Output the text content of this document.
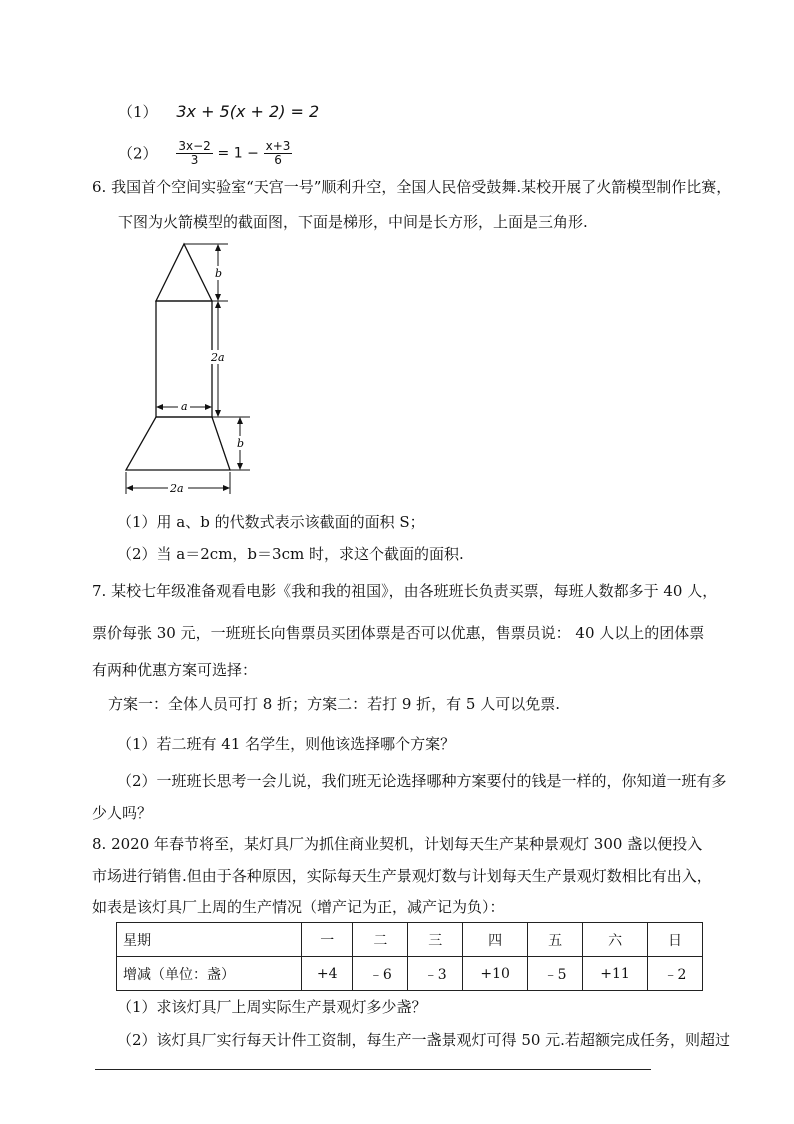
（1） 3x + 5(x + 2) = 2
$(2) \frac{3x-2}{3} = 1 - \frac{x+3}{6}$
6. 我国首个空间实验室“天宫一号”顺利升空，全国人民倍受鼓舞.某校开展了火箭模型制作比赛，
下图为火箭模型的截面图，下面是梯形，中间是长方形，上面是三角形.
b
2a
a
b
2a
（1）用 a、b 的代数式表示该截面的面积 S；
（2）当 a＝2cm，b＝3cm 时，求这个截面的面积.
7. 某校七年级准备观看电影《我和我的祖国》，由各班班长负责买票，每班人数都多于 40 人，
票价每张 30 元，一班班长向售票员买团体票是否可以优惠，售票员说： 40 人以上的团体票
有两种优惠方案可选择：
方案一：全体人员可打 8 折；方案二：若打 9 折，有 5 人可以免票.
（1）若二班有 41 名学生，则他该选择哪个方案？
（2）一班班长思考一会儿说，我们班无论选择哪种方案要付的钱是一样的，你知道一班有多
少人吗？
8. 2020 年春节将至，某灯具厂为抓住商业契机，计划每天生产某种景观灯 300 盏以便投入
市场进行销售.但由于各种原因，实际每天生产景观灯数与计划每天生产景观灯数相比有出入，
如表是该灯具厂上周的生产情况（增产记为正，减产记为负）：
星期	一	二	三	四	五	六	日
增减（单位：盏）	+4	﹣6	﹣3	+10	﹣5	+11	﹣2
（1）求该灯具厂上周实际生产景观灯多少盏？
（2）该灯具厂实行每天计件工资制，每生产一盏景观灯可得 50 元.若超额完成任务，则超过
